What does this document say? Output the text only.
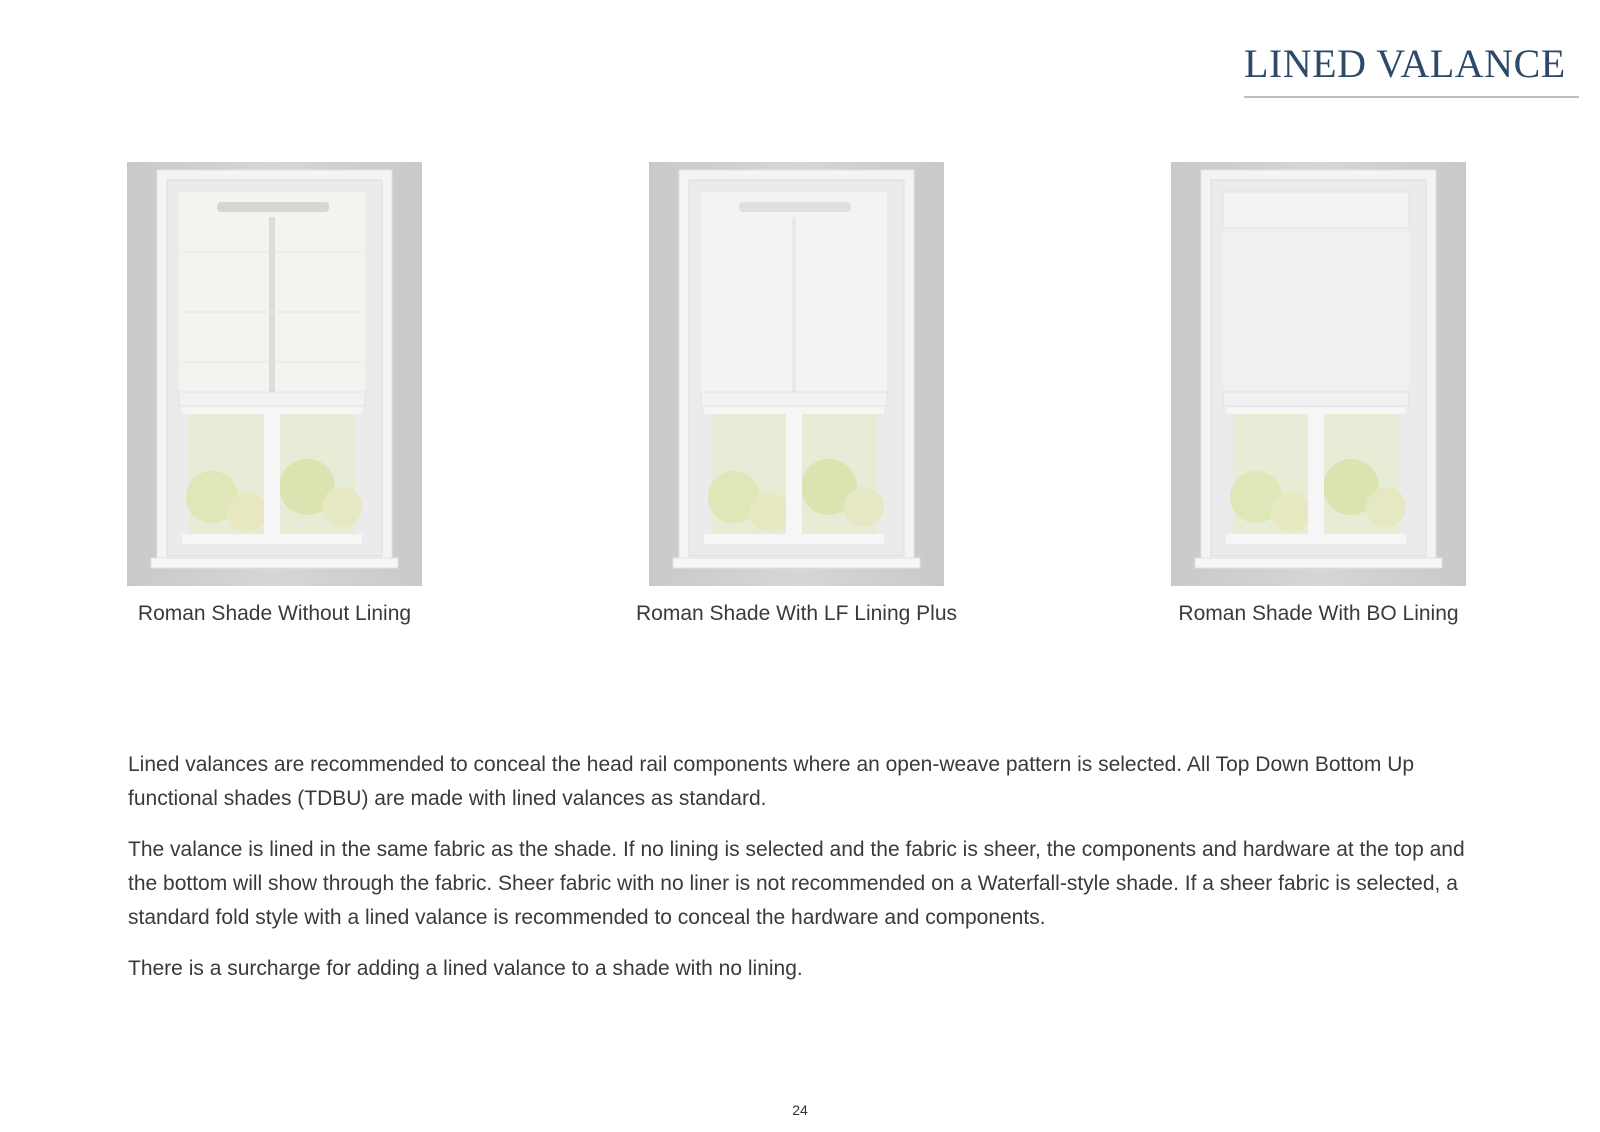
LINED VALANCE
Roman Shade Without Lining	Roman Shade With LF Lining Plus	Roman Shade With BO Lining

Lined valances are recommended to conceal the head rail components where an open-weave pattern is selected. All Top Down Bottom Up functional shades (TDBU) are made with lined valances as standard.

The valance is lined in the same fabric as the shade. If no lining is selected and the fabric is sheer, the components and hardware at the top and the bottom will show through the fabric. Sheer fabric with no liner is not recommended on a Waterfall-style shade. If a sheer fabric is selected, a standard fold style with a lined valance is recommended to conceal the hardware and components.

There is a surcharge for adding a lined valance to a shade with no lining.

24
